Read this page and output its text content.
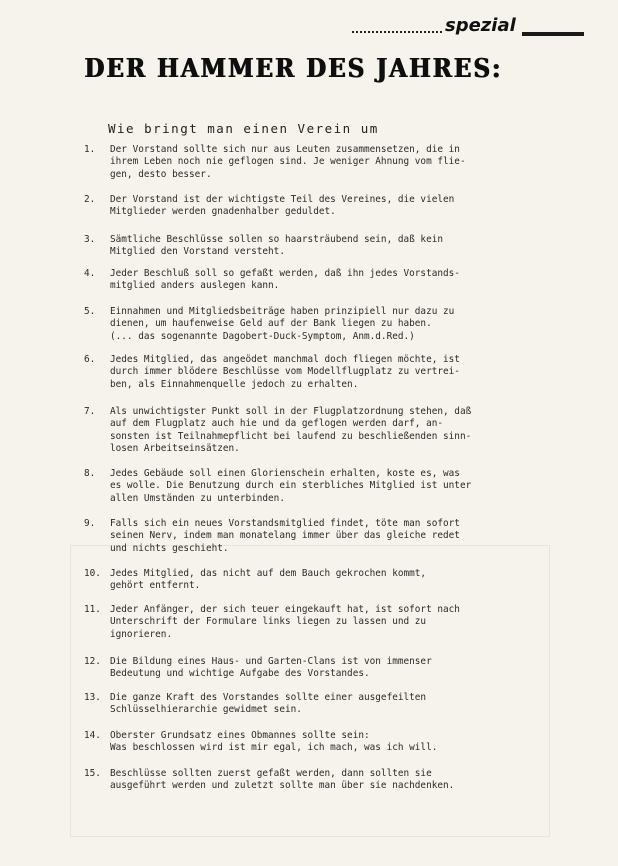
spezial
DER HAMMER DES JAHRES:
Wie bringt man einen Verein um
1.	Der Vorstand sollte sich nur aus Leuten zusammensetzen, die in
ihrem Leben noch nie geflogen sind. Je weniger Ahnung vom flie-
gen, desto besser.
2.	Der Vorstand ist der wichtigste Teil des Vereines, die vielen
Mitglieder werden gnadenhalber geduldet.
3.	Sämtliche Beschlüsse sollen so haarsträubend sein, daß kein
Mitglied den Vorstand versteht.
4.	Jeder Beschluß soll so gefaßt werden, daß ihn jedes Vorstands-
mitglied anders auslegen kann.
5.	Einnahmen und Mitgliedsbeiträge haben prinzipiell nur dazu zu
dienen, um haufenweise Geld auf der Bank liegen zu haben.
(... das sogenannte Dagobert-Duck-Symptom, Anm.d.Red.)
6.	Jedes Mitglied, das angeödet manchmal doch fliegen möchte, ist
durch immer blödere Beschlüsse vom Modellflugplatz zu vertrei-
ben, als Einnahmenquelle jedoch zu erhalten.
7.	Als unwichtigster Punkt soll in der Flugplatzordnung stehen, daß
auf dem Flugplatz auch hie und da geflogen werden darf, an-
sonsten ist Teilnahmepflicht bei laufend zu beschließenden sinn-
losen Arbeitseinsätzen.
8.	Jedes Gebäude soll einen Glorienschein erhalten, koste es, was
es wolle. Die Benutzung durch ein sterbliches Mitglied ist unter
allen Umständen zu unterbinden.
9.	Falls sich ein neues Vorstandsmitglied findet, töte man sofort
seinen Nerv, indem man monatelang immer über das gleiche redet
und nichts geschieht.
10. Jedes Mitglied, das nicht auf dem Bauch gekrochen kommt,
gehört entfernt.
11. Jeder Anfänger, der sich teuer eingekauft hat, ist sofort nach
Unterschrift der Formulare links liegen zu lassen und zu
ignorieren.
12. Die Bildung eines Haus- und Garten-Clans ist von immenser
Bedeutung und wichtige Aufgabe des Vorstandes.
13. Die ganze Kraft des Vorstandes sollte einer ausgefeilten
Schlüsselhierarchie gewidmet sein.
14. Oberster Grundsatz eines Obmannes sollte sein:
Was beschlossen wird ist mir egal, ich mach, was ich will.
15. Beschlüsse sollten zuerst gefaßt werden, dann sollten sie
ausgeführt werden und zuletzt sollte man über sie nachdenken.
